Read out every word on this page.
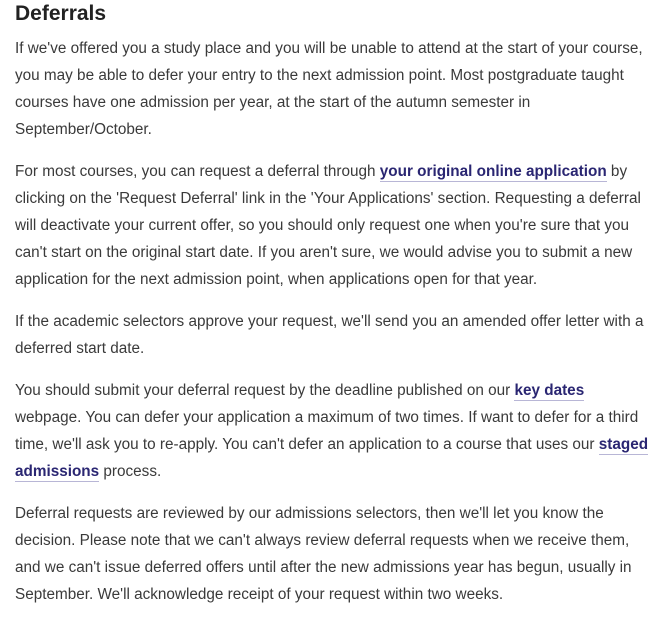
Deferrals

If we've offered you a study place and you will be unable to attend at the start of your course, you may be able to defer your entry to the next admission point. Most postgraduate taught courses have one admission per year, at the start of the autumn semester in September/October.

For most courses, you can request a deferral through your original online application by clicking on the 'Request Deferral' link in the 'Your Applications' section. Requesting a deferral will deactivate your current offer, so you should only request one when you're sure that you can't start on the original start date. If you aren't sure, we would advise you to submit a new application for the next admission point, when applications open for that year.

If the academic selectors approve your request, we'll send you an amended offer letter with a deferred start date.

You should submit your deferral request by the deadline published on our key dates webpage. You can defer your application a maximum of two times. If want to defer for a third time, we'll ask you to re-apply. You can't defer an application to a course that uses our staged admissions process.

Deferral requests are reviewed by our admissions selectors, then we'll let you know the decision. Please note that we can't always review deferral requests when we receive them, and we can't issue deferred offers until after the new admissions year has begun, usually in September. We'll acknowledge receipt of your request within two weeks.
